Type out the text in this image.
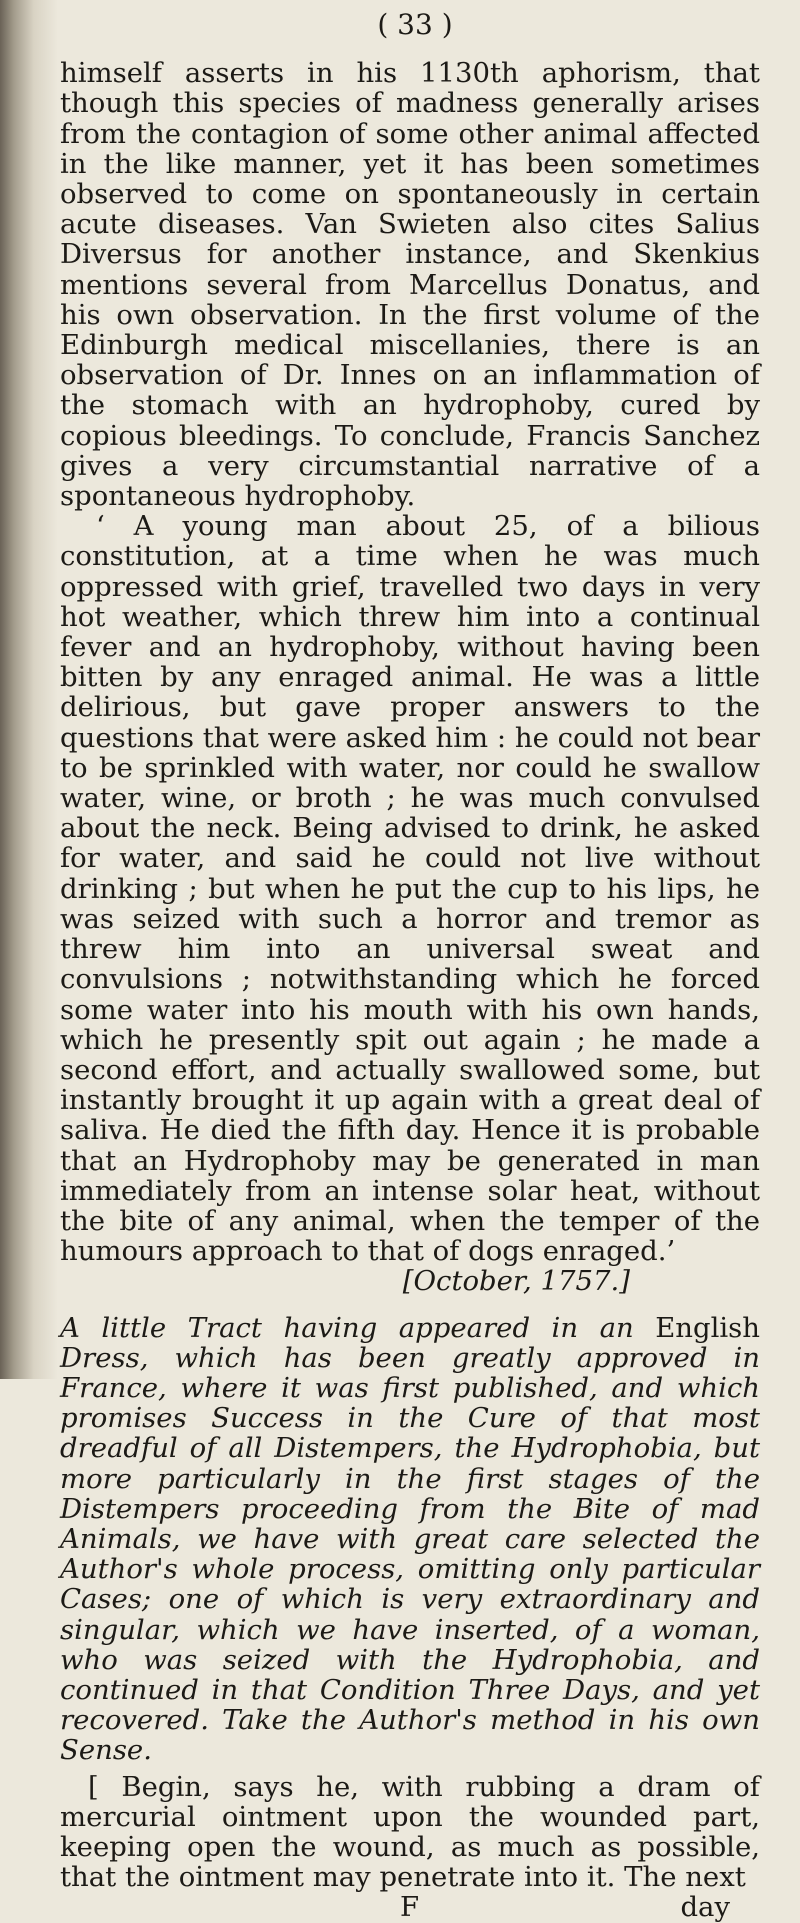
( 33 )

himself asserts in his 1130th aphorism, that though this species of madness generally arises from the contagion of some other animal affected in the like manner, yet it has been sometimes observed to come on spontaneously in certain acute diseases. Van Swieten also cites Salius Diversus for another instance, and Skenkius mentions several from Marcellus Donatus, and his own observation. In the first volume of the Edinburgh medical miscellanies, there is an observation of Dr. Innes on an inflammation of the stomach with an hydrophoby, cured by copious bleedings. To conclude, Francis Sanchez gives a very circumstantial narrative of a spontaneous hydrophoby.

‘ A young man about 25, of a bilious constitution, at a time when he was much oppressed with grief, travelled two days in very hot weather, which threw him into a continual fever and an hydrophoby, without having been bitten by any enraged animal. He was a little delirious, but gave proper answers to the questions that were asked him : he could not bear to be sprinkled with water, nor could he swallow water, wine, or broth ; he was much convulsed about the neck. Being advised to drink, he asked for water, and said he could not live without drinking ; but when he put the cup to his lips, he was seized with such a horror and tremor as threw him into an universal sweat and convulsions ; notwithstanding which he forced some water into his mouth with his own hands, which he presently spit out again ; he made a second effort, and actually swallowed some, but instantly brought it up again with a great deal of saliva. He died the fifth day. Hence it is probable that an Hydrophoby may be generated in man immediately from an intense solar heat, without the bite of any animal, when the temper of the humours approach to that of dogs enraged.’

[October, 1757.]

A little Tract having appeared in an English Dress, which has been greatly approved in France, where it was first published, and which promises Success in the Cure of that most dreadful of all Distempers, the Hydrophobia, but more particularly in the first stages of the Distempers proceeding from the Bite of mad Animals, we have with great care selected the Author's whole process, omitting only particular Cases; one of which is very extraordinary and singular, which we have inserted, of a woman, who was seized with the Hydrophobia, and continued in that Condition Three Days, and yet recovered. Take the Author's method in his own Sense.

[ Begin, says he, with rubbing a dram of mercurial ointment upon the wounded part, keeping open the wound, as much as possible, that the ointment may penetrate into it. The next

F	day
